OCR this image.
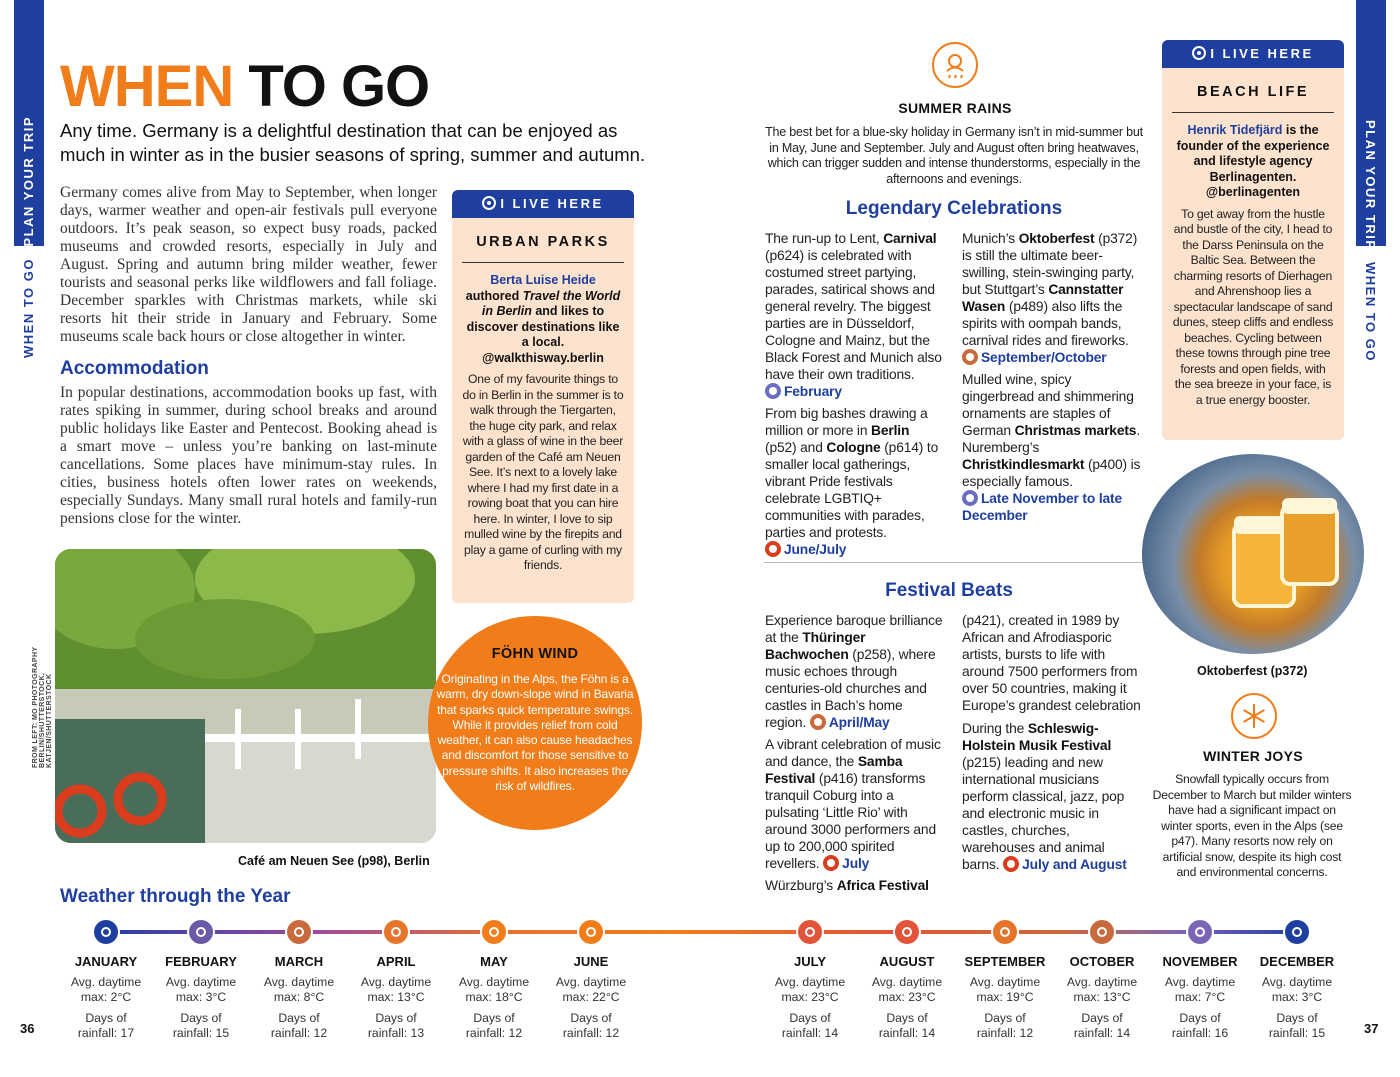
PLAN YOUR TRIP
WHEN TO GO
PLAN YOUR TRIP
WHEN TO GO
WHEN TO GO
Any time. Germany is a delightful destination that can be enjoyed as much in winter as in the busier seasons of spring, summer and autumn.
Germany comes alive from May to September, when longer days, warmer weather and open-air festivals pull everyone outdoors. It’s peak season, so expect busy roads, packed museums and crowded resorts, especially in July and August. Spring and autumn bring milder weather, fewer tourists and seasonal perks like wildflowers and fall foliage. December sparkles with Christmas markets, while ski resorts hit their stride in January and February. Some museums scale back hours or close altogether in winter.
Accommodation
In popular destinations, accommodation books up fast, with rates spiking in summer, during school breaks and around public holidays like Easter and Pentecost. Booking ahead is a smart move – unless you’re banking on last-minute cancellations. Some places have minimum-stay rules. In cities, business hotels often lower rates on weekends, especially Sundays. Many small rural hotels and family-run pensions close for the winter.
I LIVE HERE
URBAN PARKS
Berta Luise Heide
authored Travel the World in Berlin and likes to discover destinations like a local.
@walkthisway.berlin
One of my favourite things to do in Berlin in the summer is to walk through the Tiergarten, the huge city park, and relax with a glass of wine in the beer garden of the Café am Neuen See. It’s next to a lovely lake where I had my first date in a rowing boat that you can hire here. In winter, I love to sip mulled wine by the firepits and play a game of curling with my friends.
FROM LEFT: MO PHOTOGRAPHY BERLIN/SHUTTERSTOCK, KATJEN/SHUTTERSTOCK
Café am Neuen See (p98), Berlin
FÖHN WIND

Originating in the Alps, the Föhn is a warm, dry down-slope wind in Bavaria that sparks quick temperature swings. While it provides relief from cold weather, it can also cause headaches and discomfort for those sensitive to pressure shifts. It also increases the risk of wildfires.

SUMMER RAINS
The best bet for a blue-sky holiday in Germany isn’t in mid-summer but in May, June and September. July and August often bring heatwaves, which can trigger sudden and intense thunderstorms, especially in the afternoons and evenings.
Legendary Celebrations

The run-up to Lent, Carnival (p624) is celebrated with costumed street partying, parades, satirical shows and general revelry. The biggest parties are in Düsseldorf, Cologne and Mainz, but the Black Forest and Munich also have their own traditions.
February

From big bashes drawing a million or more in Berlin (p52) and Cologne (p614) to smaller local gatherings, vibrant Pride festivals celebrate LGBTIQ+ communities with parades, parties and protests.
June/July

Munich’s Oktoberfest (p372) is still the ultimate beer-swilling, stein-swinging party, but Stuttgart’s Cannstatter Wasen (p489) also lifts the spirits with oompah bands, carnival rides and fireworks.
September/October

Mulled wine, spicy gingerbread and shimmering ornaments are staples of German Christmas markets. Nuremberg’s Christkindlesmarkt (p400) is especially famous.
Late November to late December

Festival Beats

Experience baroque brilliance at the Thüringer Bachwochen (p258), where music echoes through centuries-old churches and castles in Bach’s home region. April/May

A vibrant celebration of music and dance, the Samba Festival (p416) transforms tranquil Coburg into a pulsating ‘Little Rio’ with around 3000 performers and up to 200,000 spirited revellers. July

Würzburg’s Africa Festival

(p421), created in 1989 by African and Afrodiasporic artists, bursts to life with around 7500 performers from over 50 countries, making it Europe’s grandest celebration

During the Schleswig-Holstein Musik Festival (p215) leading and new international musicians perform classical, jazz, pop and electronic music in castles, churches, warehouses and animal barns. July and August

I LIVE HERE
BEACH LIFE
Henrik Tidefjärd is the founder of the experience and lifestyle agency Berlinagenten.
@berlinagenten
To get away from the hustle and bustle of the city, I head to the Darss Peninsula on the Baltic Sea. Between the charming resorts of Dierhagen and Ahrenshoop lies a spectacular landscape of sand dunes, steep cliffs and endless beaches. Cycling between these towns through pine tree forests and open fields, with the sea breeze in your face, is a true energy booster.
Oktoberfest (p372)
WINTER JOYS
Snowfall typically occurs from December to March but milder winters have had a significant impact on winter sports, even in the Alps (see p47). Many resorts now rely on artificial snow, despite its high cost and environmental concerns.
Weather through the Year
JANUARY
Avg. daytime
max: 2°C
Days of
rainfall: 17
FEBRUARY
Avg. daytime
max: 3°C
Days of
rainfall: 15
MARCH
Avg. daytime
max: 8°C
Days of
rainfall: 12
APRIL
Avg. daytime
max: 13°C
Days of
rainfall: 13
MAY
Avg. daytime
max: 18°C
Days of
rainfall: 12
JUNE
Avg. daytime
max: 22°C
Days of
rainfall: 12
JULY
Avg. daytime
max: 23°C
Days of
rainfall: 14
AUGUST
Avg. daytime
max: 23°C
Days of
rainfall: 14
SEPTEMBER
Avg. daytime
max: 19°C
Days of
rainfall: 12
OCTOBER
Avg. daytime
max: 13°C
Days of
rainfall: 14
NOVEMBER
Avg. daytime
max: 7°C
Days of
rainfall: 16
DECEMBER
Avg. daytime
max: 3°C
Days of
rainfall: 15
36	37
